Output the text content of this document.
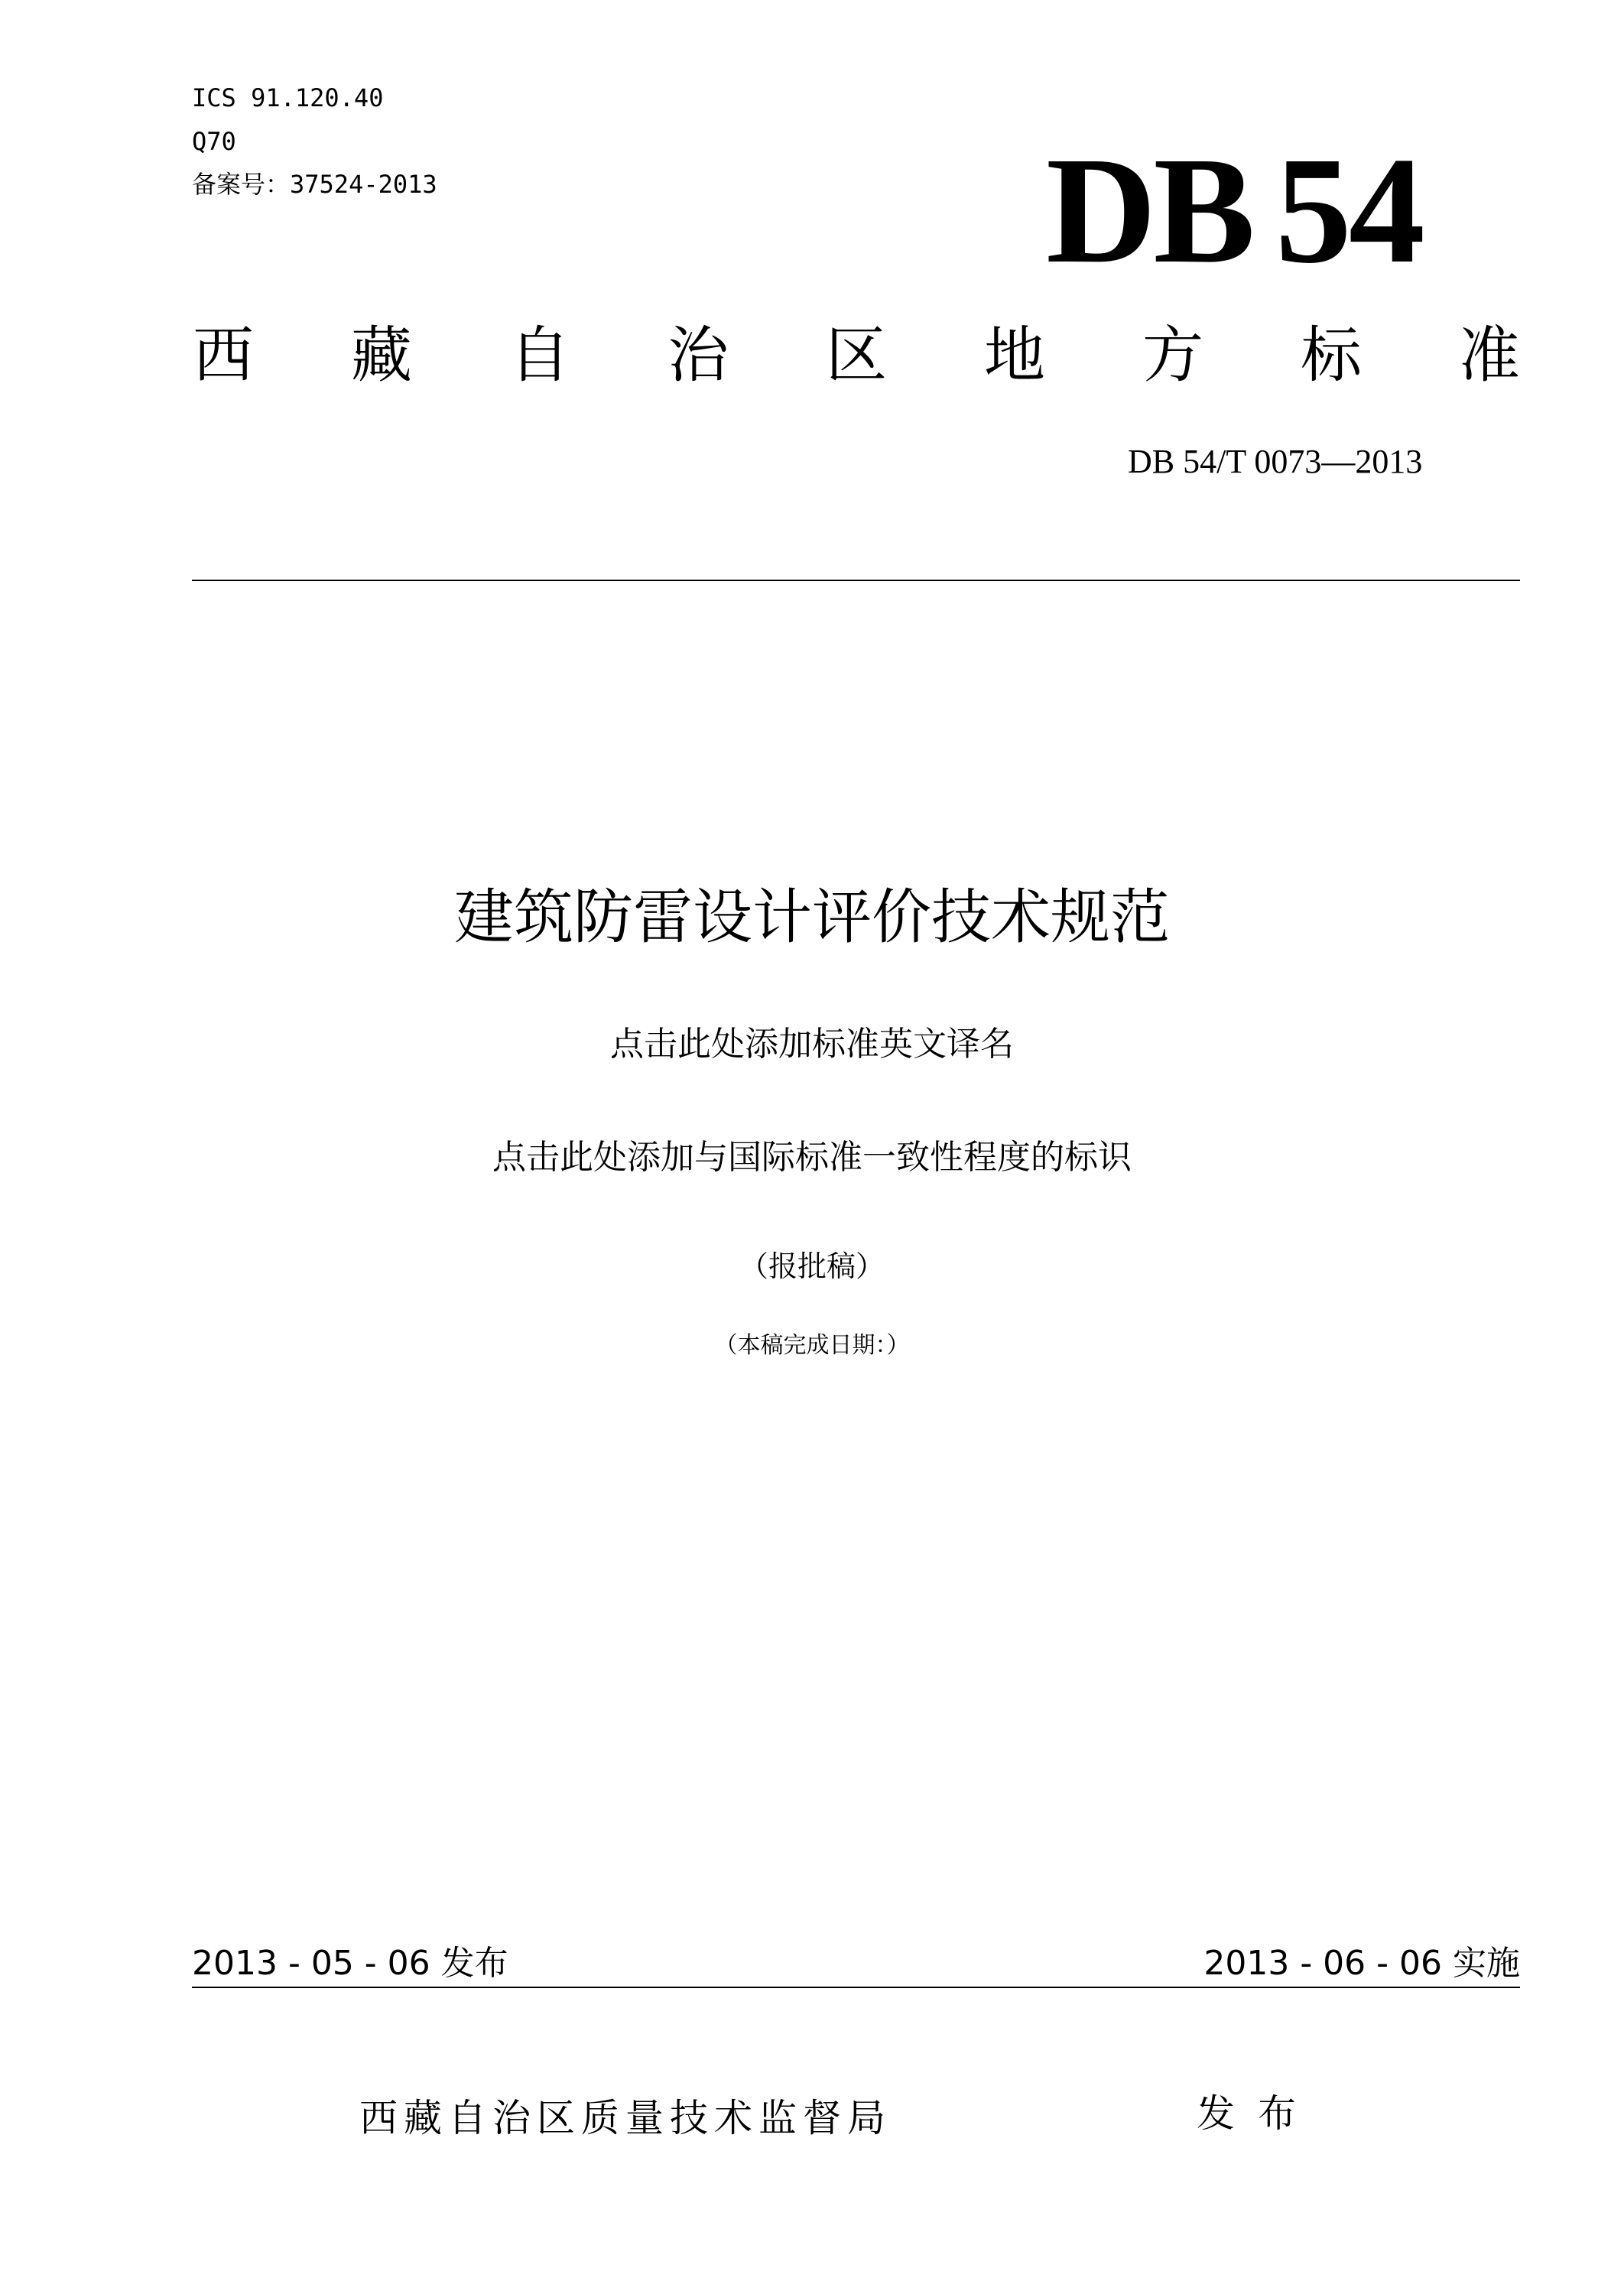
ICS 91.120.40
Q70
备案号：37524-2013	DB 54
西 藏 自 治 区 地 方 标 准
DB 54/T 0073—2013
建筑防雷设计评价技术规范
点击此处添加标准英文译名
点击此处添加与国际标准一致性程度的标识
（报批稿）
（本稿完成日期：）
2013 - 05 - 06 发布	2013 - 06 - 06 实施
西藏自治区质量技术监督局	发布
